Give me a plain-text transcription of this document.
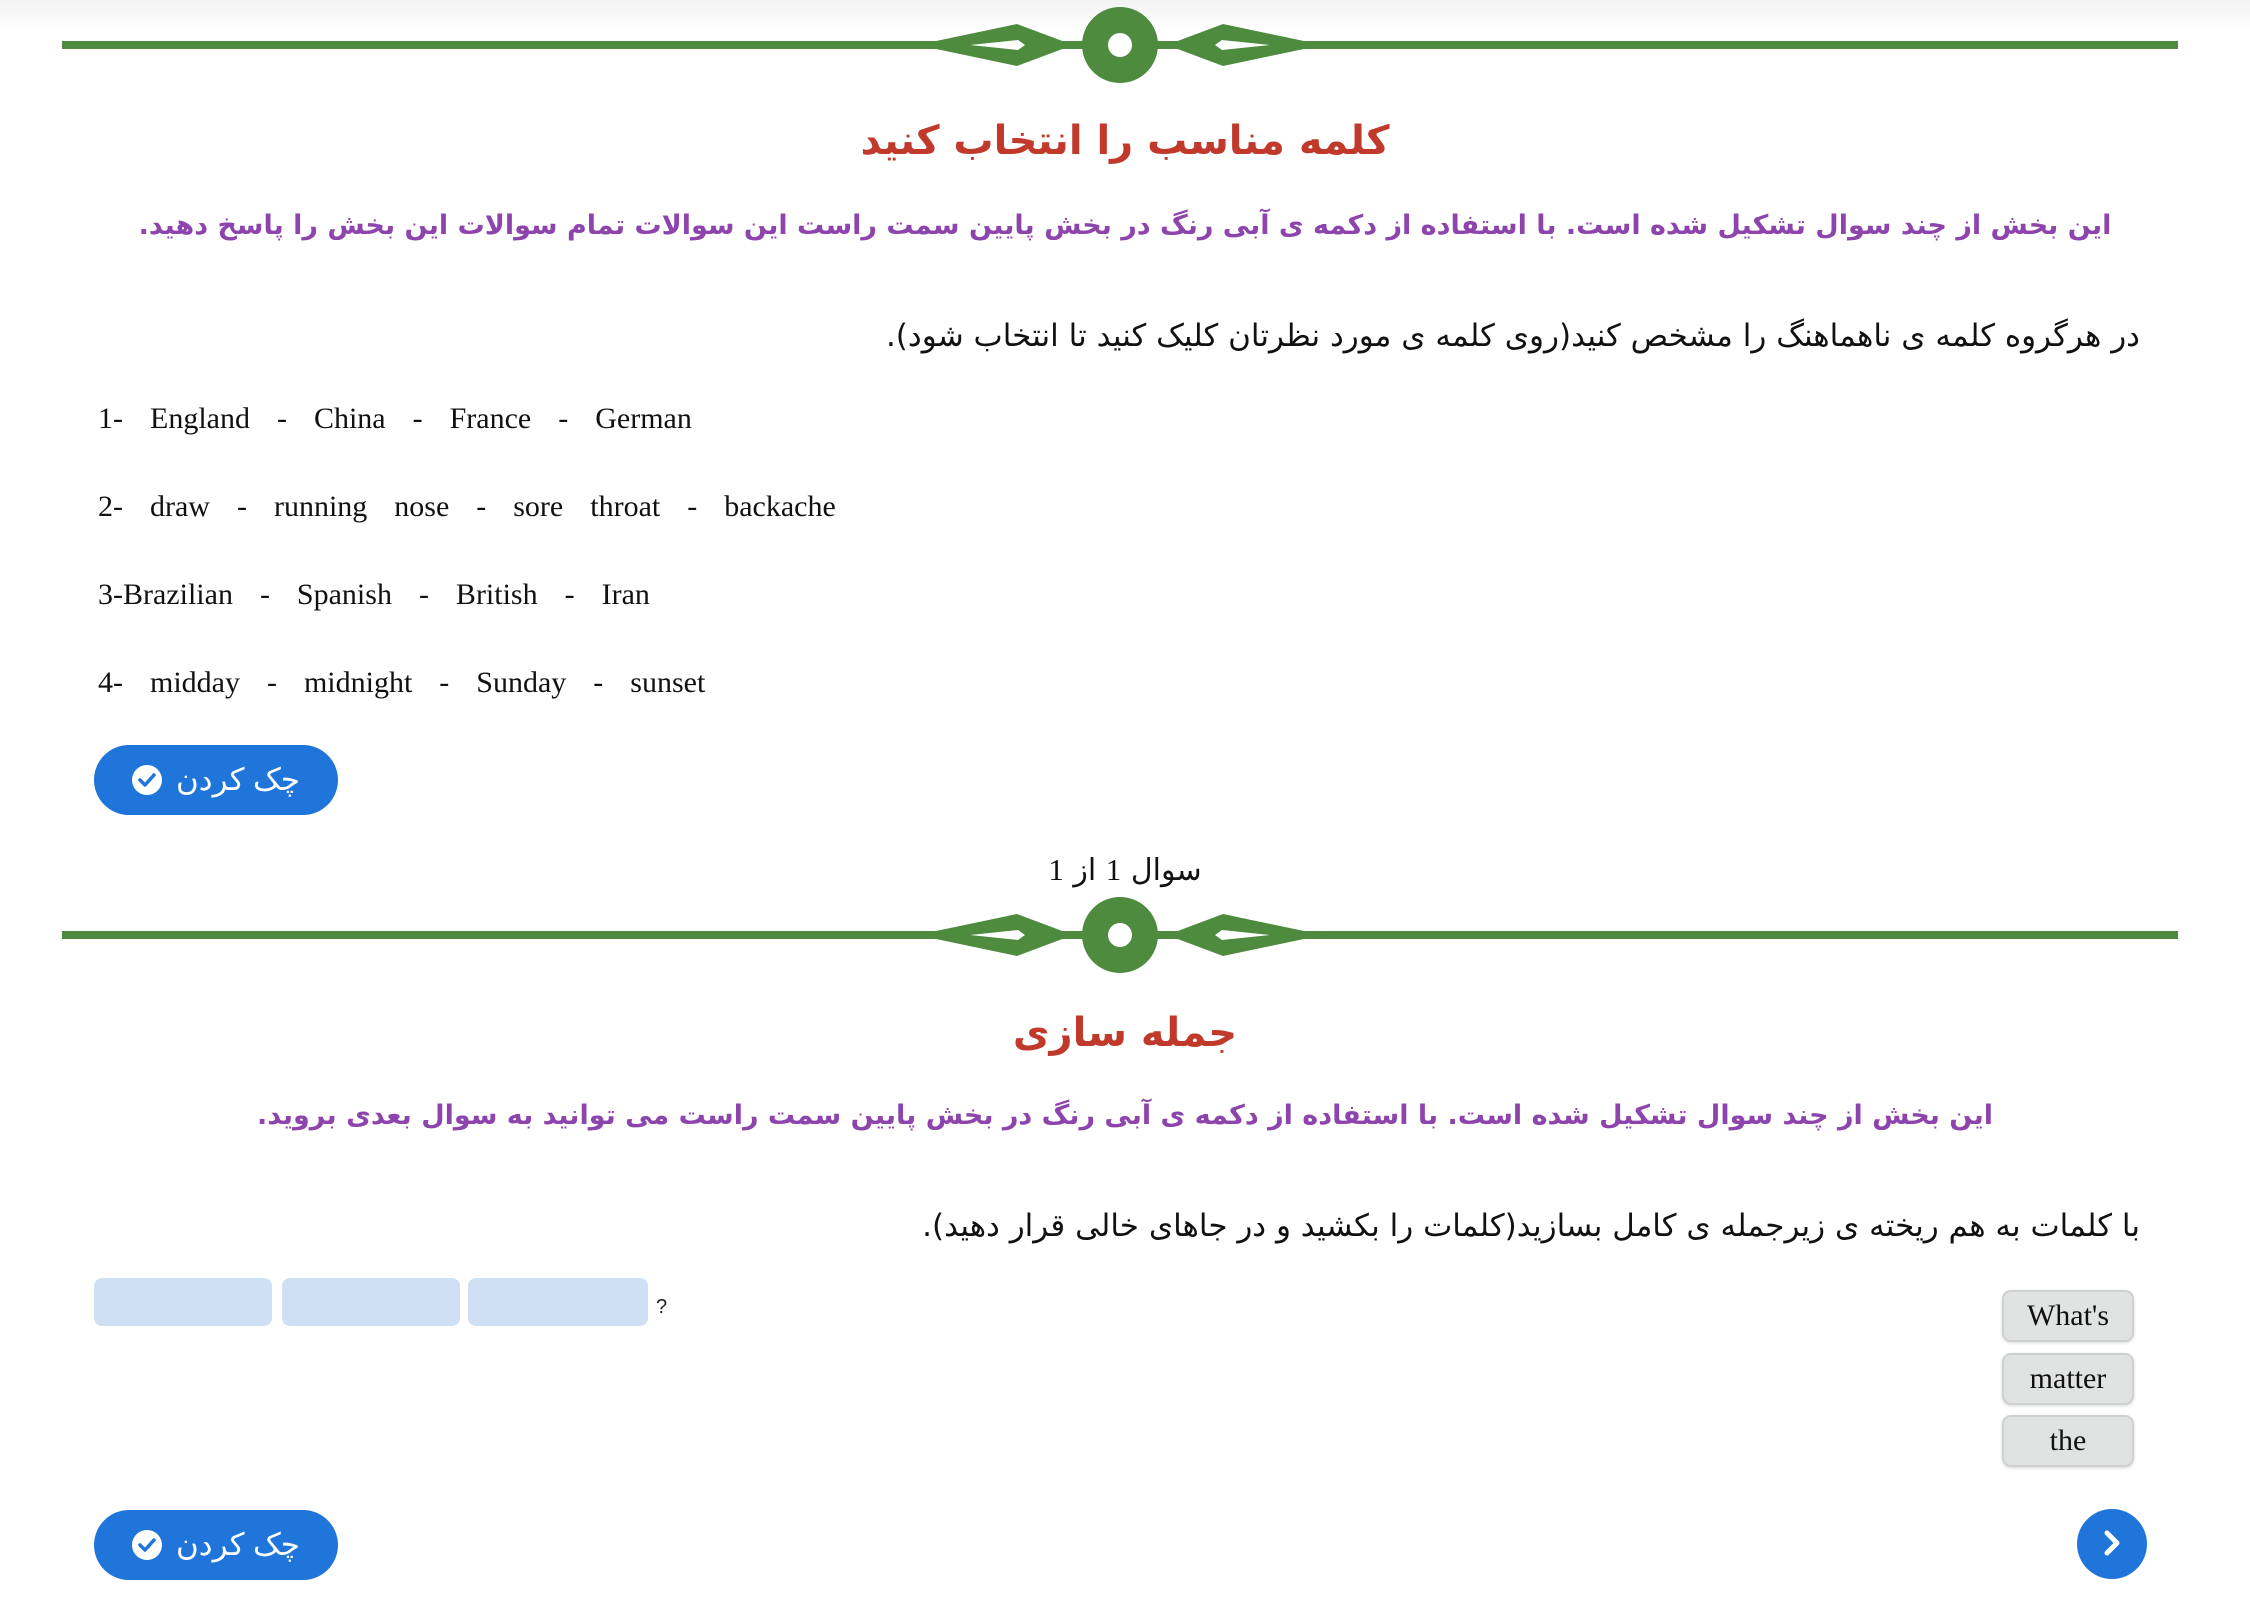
کلمه مناسب را انتخاب کنید
این بخش از چند سوال تشکیل شده است. با استفاده از دکمه ی آبی رنگ در بخش پایین سمت راست این سوالات تمام سوالات این بخش را پاسخ دهید.
در هرگروه کلمه ی ناهماهنگ را مشخص کنید(روی کلمه ی مورد نظرتان کلیک کنید تا انتخاب شود).
1-  England  -  China  -  France  -  German
2-  draw  -  running  nose  -  sore  throat  -  backache
3-Brazilian  -  Spanish  -  British  -  Iran
4-  midday  -  midnight  -  Sunday  -  sunset
چک کردن
سوال 1 از 1
جمله سازی
این بخش از چند سوال تشکیل شده است. با استفاده از دکمه ی آبی رنگ در بخش پایین سمت راست می توانید به سوال بعدی بروید.
با کلمات به هم ریخته ی زیرجمله ی کامل بسازید(کلمات را بکشید و در جاهای خالی قرار دهید).
?	What's
matter
the
چک کردن
